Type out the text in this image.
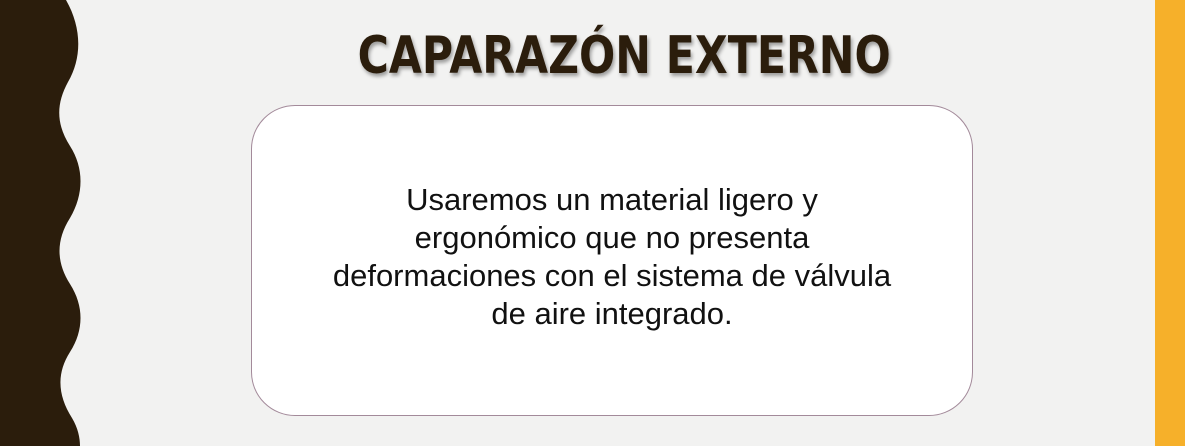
CAPARAZÓN EXTERNO
Usaremos un material ligero y
ergonómico que no presenta
deformaciones con el sistema de válvula
de aire integrado.
